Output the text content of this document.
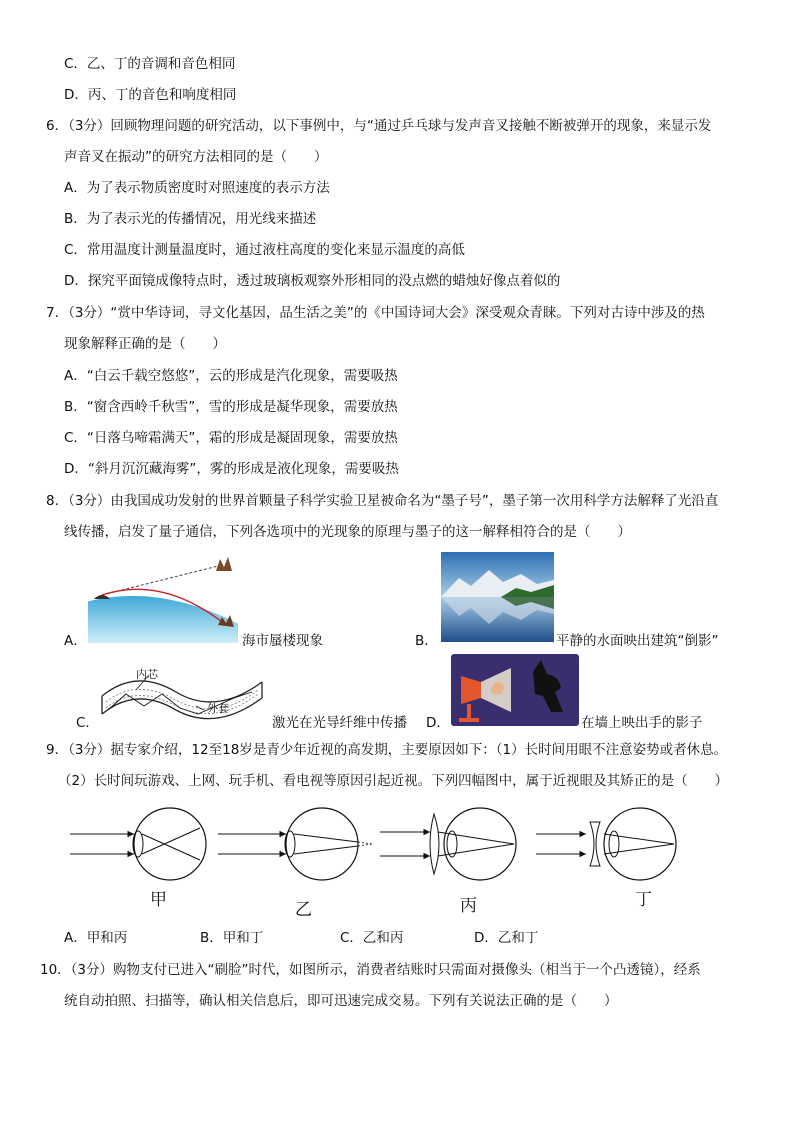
C．乙、丁的音调和音色相同
D．丙、丁的音色和响度相同
6．（3分）回顾物理问题的研究活动，以下事例中，与“通过乒乓球与发声音叉接触不断被弹开的现象，来显示发
声音叉在振动”的研究方法相同的是（　　）
A．为了表示物质密度时对照速度的表示方法
B．为了表示光的传播情况，用光线来描述
C．常用温度计测量温度时，通过液柱高度的变化来显示温度的高低
D．探究平面镜成像特点时，透过玻璃板观察外形相同的没点燃的蜡烛好像点着似的
7．（3分）“赏中华诗词，寻文化基因，品生活之美”的《中国诗词大会》深受观众青睐。下列对古诗中涉及的热
现象解释正确的是（　　）
A．“白云千载空悠悠”，云的形成是汽化现象，需要吸热
B．“窗含西岭千秋雪”，雪的形成是凝华现象，需要放热
C．“日落乌啼霜满天”，霜的形成是凝固现象，需要放热
D．“斜月沉沉藏海雾”，雾的形成是液化现象，需要吸热
8．（3分）由我国成功发射的世界首颗量子科学实验卫星被命名为“墨子号”，墨子第一次用科学方法解释了光沿直
线传播，启发了量子通信，下列各选项中的光现象的原理与墨子的这一解释相符合的是（　　）
A．	海市蜃楼现象	B．	平静的水面映出建筑“倒影”
C．
内芯
外套
激光在光导纤维中传播 D．	在墙上映出手的影子
9．（3分）据专家介绍，12至18岁是青少年近视的高发期，主要原因如下：（1）长时间用眼不注意姿势或者休息。
（2）长时间玩游戏、上网、玩手机、看电视等原因引起近视。下列四幅图中，属于近视眼及其矫正的是（　　）
甲	乙	丙	丁
A．甲和丙	B．甲和丁	C．乙和丙	D．乙和丁
10．（3分）购物支付已进入“刷脸”时代，如图所示，消费者结账时只需面对摄像头（相当于一个凸透镜），经系
统自动拍照、扫描等，确认相关信息后，即可迅速完成交易。下列有关说法正确的是（　　）
